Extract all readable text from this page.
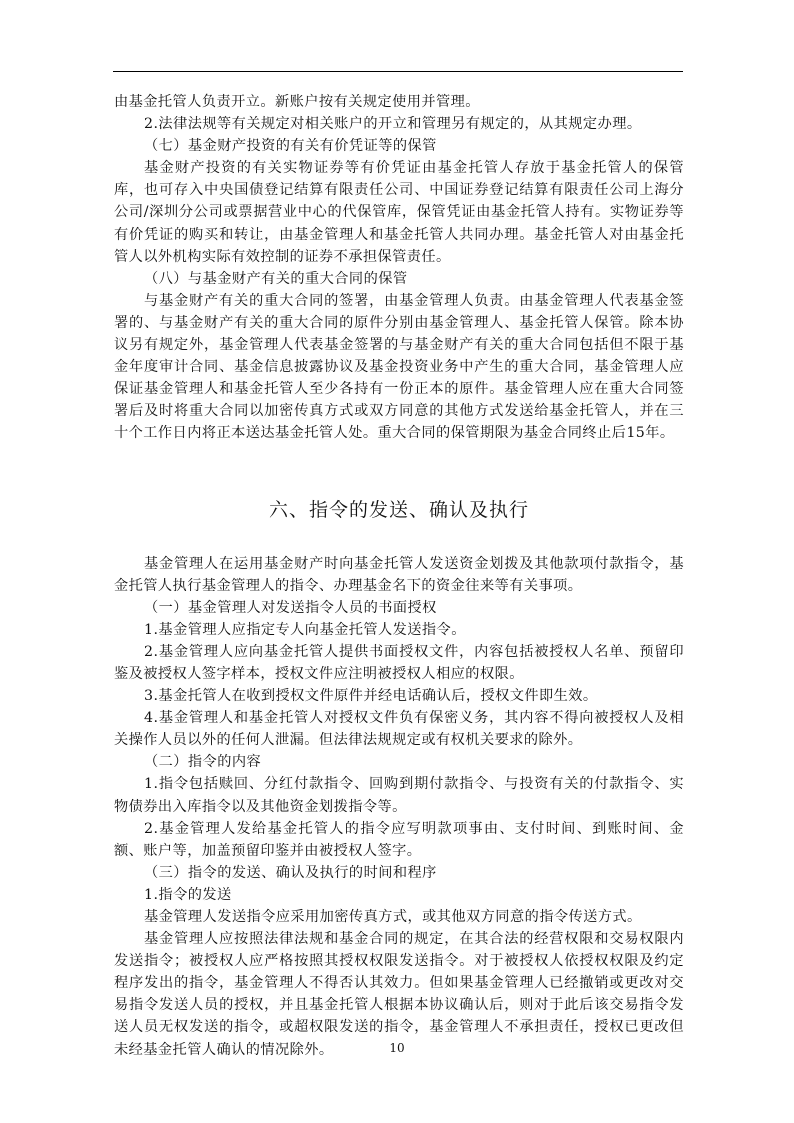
由基金托管人负责开立。新账户按有关规定使用并管理。

2.法律法规等有关规定对相关账户的开立和管理另有规定的，从其规定办理。

（七）基金财产投资的有关有价凭证等的保管

基金财产投资的有关实物证券等有价凭证由基金托管人存放于基金托管人的保管库，也可存入中央国债登记结算有限责任公司、中国证券登记结算有限责任公司上海分公司/深圳分公司或票据营业中心的代保管库，保管凭证由基金托管人持有。实物证券等有价凭证的购买和转让，由基金管理人和基金托管人共同办理。基金托管人对由基金托管人以外机构实际有效控制的证券不承担保管责任。

（八）与基金财产有关的重大合同的保管

与基金财产有关的重大合同的签署，由基金管理人负责。由基金管理人代表基金签署的、与基金财产有关的重大合同的原件分别由基金管理人、基金托管人保管。除本协议另有规定外，基金管理人代表基金签署的与基金财产有关的重大合同包括但不限于基金年度审计合同、基金信息披露协议及基金投资业务中产生的重大合同，基金管理人应保证基金管理人和基金托管人至少各持有一份正本的原件。基金管理人应在重大合同签署后及时将重大合同以加密传真方式或双方同意的其他方式发送给基金托管人，并在三十个工作日内将正本送达基金托管人处。重大合同的保管期限为基金合同终止后15年。

六、指令的发送、确认及执行

基金管理人在运用基金财产时向基金托管人发送资金划拨及其他款项付款指令，基金托管人执行基金管理人的指令、办理基金名下的资金往来等有关事项。

（一）基金管理人对发送指令人员的书面授权

1.基金管理人应指定专人向基金托管人发送指令。

2.基金管理人应向基金托管人提供书面授权文件，内容包括被授权人名单、预留印鉴及被授权人签字样本，授权文件应注明被授权人相应的权限。

3.基金托管人在收到授权文件原件并经电话确认后，授权文件即生效。

4.基金管理人和基金托管人对授权文件负有保密义务，其内容不得向被授权人及相关操作人员以外的任何人泄漏。但法律法规规定或有权机关要求的除外。

（二）指令的内容

1.指令包括赎回、分红付款指令、回购到期付款指令、与投资有关的付款指令、实物债券出入库指令以及其他资金划拨指令等。

2.基金管理人发给基金托管人的指令应写明款项事由、支付时间、到账时间、金额、账户等，加盖预留印鉴并由被授权人签字。

（三）指令的发送、确认及执行的时间和程序

1.指令的发送

基金管理人发送指令应采用加密传真方式，或其他双方同意的指令传送方式。

基金管理人应按照法律法规和基金合同的规定，在其合法的经营权限和交易权限内发送指令；被授权人应严格按照其授权权限发送指令。对于被授权人依授权权限及约定程序发出的指令，基金管理人不得否认其效力。但如果基金管理人已经撤销或更改对交易指令发送人员的授权，并且基金托管人根据本协议确认后，则对于此后该交易指令发送人员无权发送的指令，或超权限发送的指令，基金管理人不承担责任，授权已更改但未经基金托管人确认的情况除外。	10
